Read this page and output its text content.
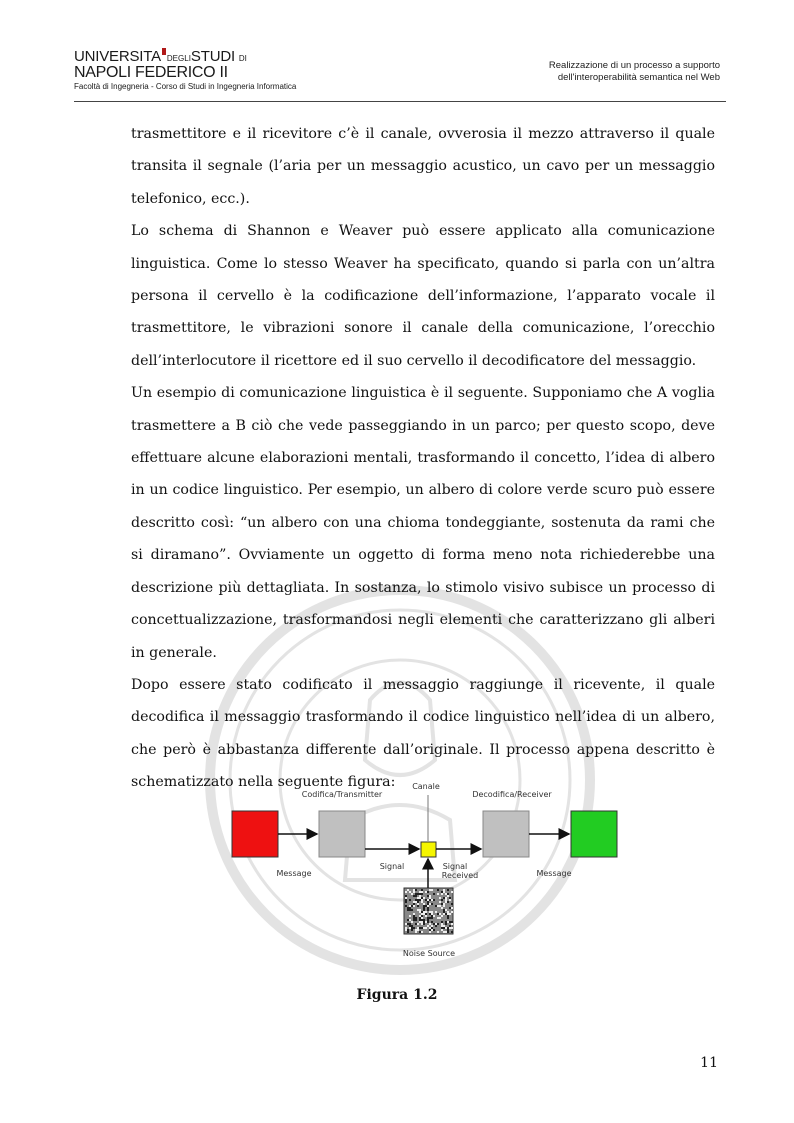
UNIVERSITA DEGLISTUDI DI
NAPOLI FEDERICO II
Facoltà di Ingegneria - Corso di Studi in Ingegneria Informatica
Realizzazione di un processo a supporto
dell'interoperabilità semantica nel Web

trasmettitore e il ricevitore c’è il canale, ovverosia il mezzo attraverso il quale transita il segnale (l’aria per un messaggio acustico, un cavo per un messaggio telefonico, ecc.).

Lo schema di Shannon e Weaver può essere applicato alla comunicazione linguistica. Come lo stesso Weaver ha specificato, quando si parla con un’altra persona il cervello è la codificazione dell’informazione, l’apparato vocale il trasmettitore, le vibrazioni sonore il canale della comunicazione, l’orecchio dell’interlocutore il ricettore ed il suo cervello il decodificatore del messaggio.

Un esempio di comunicazione linguistica è il seguente. Supponiamo che A voglia trasmettere a B ciò che vede passeggiando in un parco; per questo scopo, deve effettuare alcune elaborazioni mentali, trasformando il concetto, l’idea di albero in un codice linguistico. Per esempio, un albero di colore verde scuro può essere descritto così: “un albero con una chioma tondeggiante, sostenuta da rami che si diramano”. Ovviamente un oggetto di forma meno nota richiederebbe una descrizione più dettagliata. In sostanza, lo stimolo visivo subisce un processo di concettualizzazione, trasformandosi negli elementi che caratterizzano gli alberi in generale.

Dopo essere stato codificato il messaggio raggiunge il ricevente, il quale decodifica il messaggio trasformando il codice linguistico nell’idea di un albero, che però è abbastanza differente dall’originale. Il processo appena descritto è schematizzato nella seguente figura:

Codifica/Transmitter
Canale
Decodifica/Receiver
Message
Signal	Signal
Received	Message
Noise Source
Figura 1.2
11
